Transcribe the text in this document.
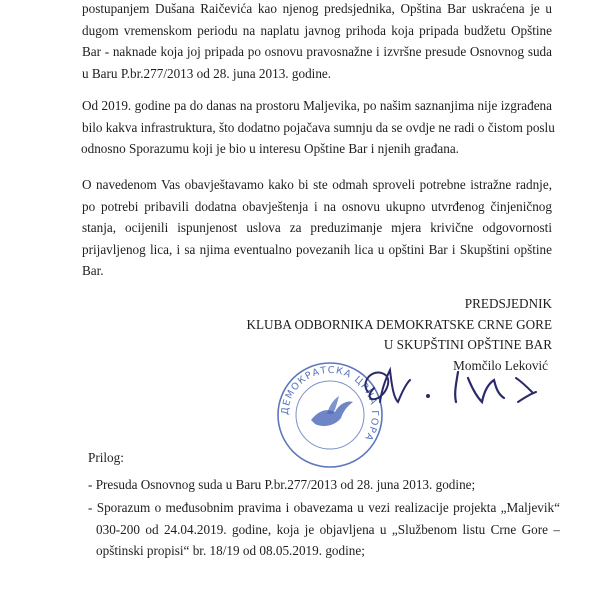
postupanjem Dušana Raičevića kao njenog predsjednika, Opština Bar uskraćena je u
dugom vremenskom periodu na naplatu javnog prihoda koja pripada budžetu Opštine
Bar - naknade koja joj pripada po osnovu pravosnažne i izvršne presude Osnovnog suda
u Baru P.br.277/2013 od 28. juna 2013. godine.
Od 2019. godine pa do danas na prostoru Maljevika, po našim saznanjima nije izgrađena
bilo kakva infrastruktura, što dodatno pojačava sumnju da se ovdje ne radi o čistom poslu
odnosno Sporazumu koji je bio u interesu Opštine Bar i njenih građana.
O navedenom Vas obavještavamo kako bi ste odmah sproveli potrebne istražne radnje,
po potrebi pribavili dodatna obavještenja i na osnovu ukupno utvrđenog činjeničnog
stanja, ocijenili ispunjenost uslova za preduzimanje mjera krivične odgovornosti
prijavljenog lica, i sa njima eventualno povezanih lica u opštini Bar i Skupštini opštine
Bar.
PREDSJEDNIK
KLUBA ODBORNIKA DEMOKRATSKE CRNE GORE
U SKUPŠTINI OPŠTINE BAR
Momčilo Leković
ДЕМОКРАТСКА ЦРНА ГОРА
Prilog:
- Presuda Osnovnog suda u Baru P.br.277/2013 od 28. juna 2013. godine;
- Sporazum o međusobnim pravima i obavezama u vezi realizacije projekta „Maljevik“
030-200 od 24.04.2019. godine, koja je objavljena u „Službenom listu Crne Gore –
opštinski propisi“ br. 18/19 od 08.05.2019. godine;
